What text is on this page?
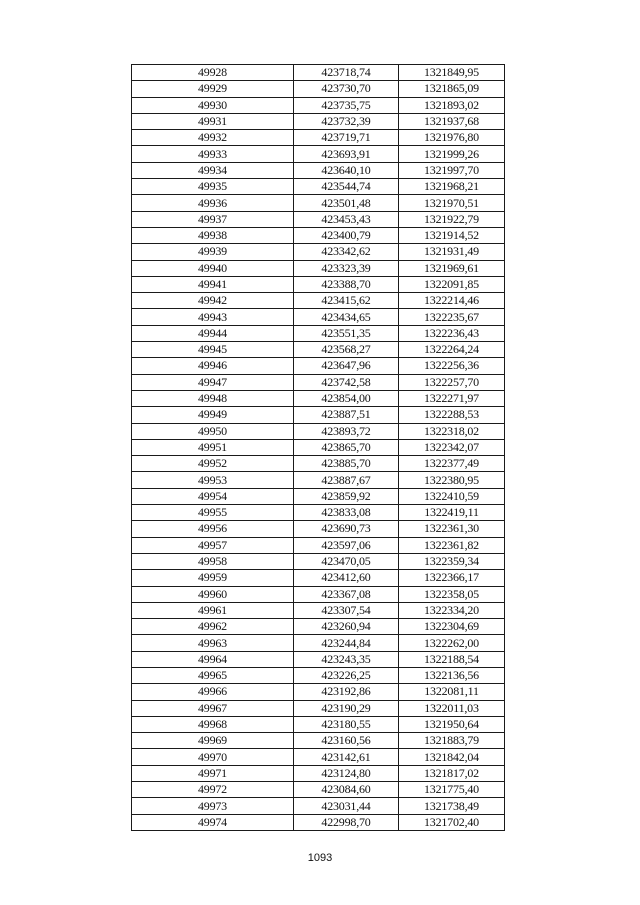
49928	423718,74	1321849,95
49929	423730,70	1321865,09
49930	423735,75	1321893,02
49931	423732,39	1321937,68
49932	423719,71	1321976,80
49933	423693,91	1321999,26
49934	423640,10	1321997,70
49935	423544,74	1321968,21
49936	423501,48	1321970,51
49937	423453,43	1321922,79
49938	423400,79	1321914,52
49939	423342,62	1321931,49
49940	423323,39	1321969,61
49941	423388,70	1322091,85
49942	423415,62	1322214,46
49943	423434,65	1322235,67
49944	423551,35	1322236,43
49945	423568,27	1322264,24
49946	423647,96	1322256,36
49947	423742,58	1322257,70
49948	423854,00	1322271,97
49949	423887,51	1322288,53
49950	423893,72	1322318,02
49951	423865,70	1322342,07
49952	423885,70	1322377,49
49953	423887,67	1322380,95
49954	423859,92	1322410,59
49955	423833,08	1322419,11
49956	423690,73	1322361,30
49957	423597,06	1322361,82
49958	423470,05	1322359,34
49959	423412,60	1322366,17
49960	423367,08	1322358,05
49961	423307,54	1322334,20
49962	423260,94	1322304,69
49963	423244,84	1322262,00
49964	423243,35	1322188,54
49965	423226,25	1322136,56
49966	423192,86	1322081,11
49967	423190,29	1322011,03
49968	423180,55	1321950,64
49969	423160,56	1321883,79
49970	423142,61	1321842,04
49971	423124,80	1321817,02
49972	423084,60	1321775,40
49973	423031,44	1321738,49
49974	422998,70	1321702,40
1093
